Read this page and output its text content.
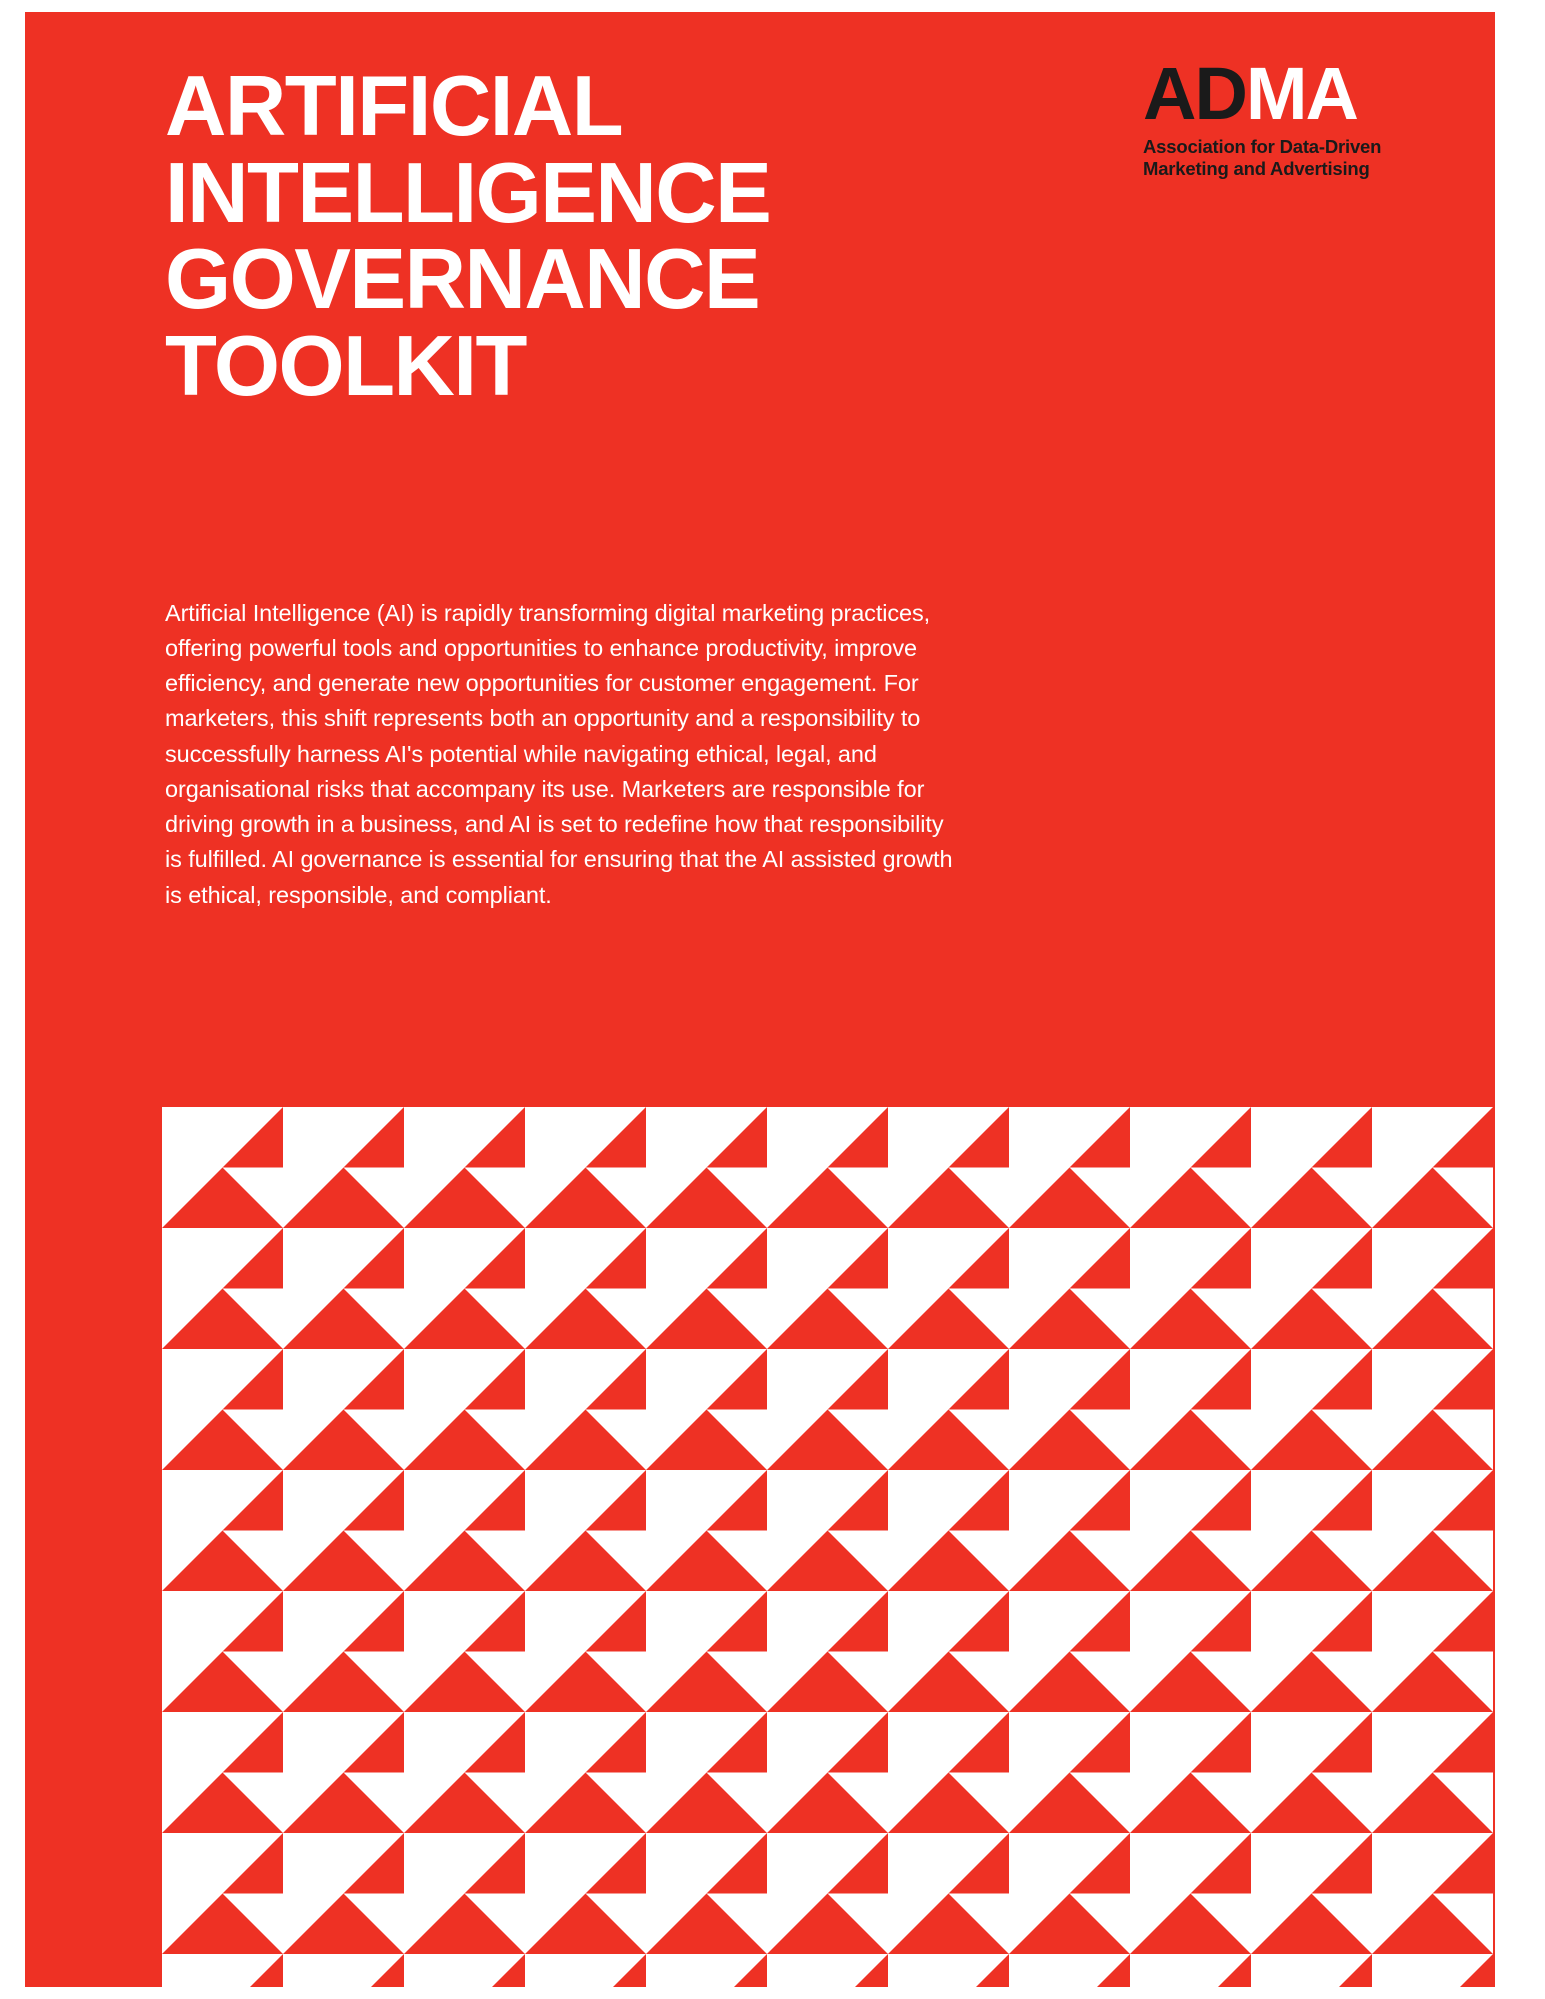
ARTIFICIAL
INTELLIGENCE
GOVERNANCE
TOOLKIT
ADMA
Association for Data-Driven
Marketing and Advertising

Artificial Intelligence (AI) is rapidly transforming digital marketing practices, offering powerful tools and opportunities to enhance productivity, improve efficiency, and generate new opportunities for customer engagement. For marketers, this shift represents both an opportunity and a responsibility to successfully harness AI's potential while navigating ethical, legal, and organisational risks that accompany its use. Marketers are responsible for driving growth in a business, and AI is set to redefine how that responsibility is fulfilled. AI governance is essential for ensuring that the AI assisted growth is ethical, responsible, and compliant.
